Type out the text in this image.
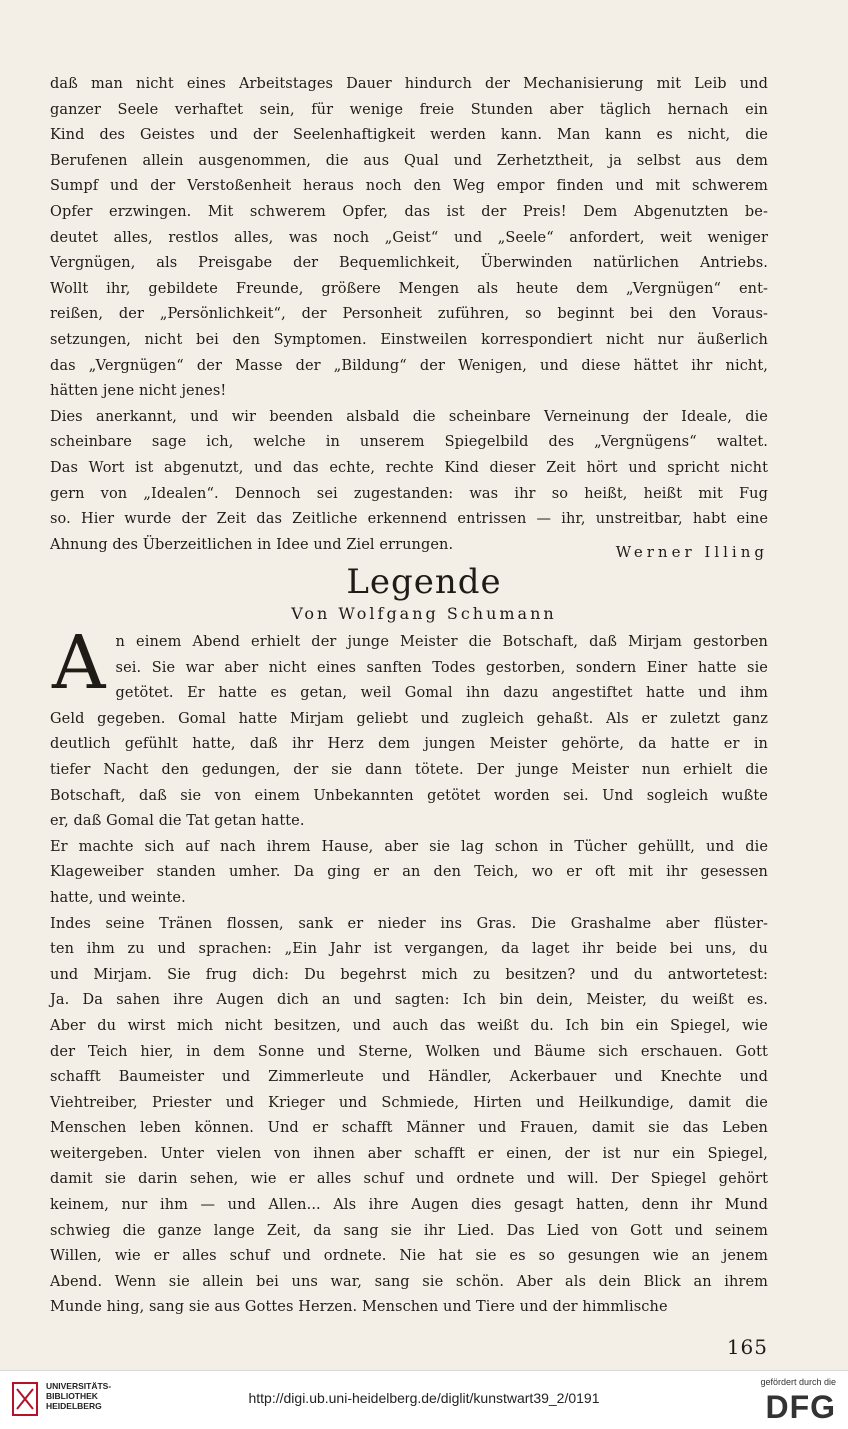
daß man nicht eines Arbeitstages Dauer hindurch der Mechanisierung mit Leib und
ganzer Seele verhaftet sein, für wenige freie Stunden aber täglich hernach ein
Kind des Geistes und der Seelenhaftigkeit werden kann. Man kann es nicht, die
Berufenen allein ausgenommen, die aus Qual und Zerhetztheit, ja selbst aus dem
Sumpf und der Verstoßenheit heraus noch den Weg empor finden und mit schwerem
Opfer erzwingen. Mit schwerem Opfer, das ist der Preis! Dem Abgenutzten be-
deutet alles, restlos alles, was noch „Geist“ und „Seele“ anfordert, weit weniger
Vergnügen, als Preisgabe der Bequemlichkeit, Überwinden natürlichen Antriebs.
Wollt ihr, gebildete Freunde, größere Mengen als heute dem „Vergnügen“ ent-
reißen, der „Persönlichkeit“, der Personheit zuführen, so beginnt bei den Voraus-
setzungen, nicht bei den Symptomen. Einstweilen korrespondiert nicht nur äußerlich
das „Vergnügen“ der Masse der „Bildung“ der Wenigen, und diese hättet ihr nicht,
hätten jene nicht jenes!
Dies anerkannt, und wir beenden alsbald die scheinbare Verneinung der Ideale, die
scheinbare sage ich, welche in unserem Spiegelbild des „Vergnügens“ waltet.
Das Wort ist abgenutzt, und das echte, rechte Kind dieser Zeit hört und spricht nicht
gern von „Idealen“. Dennoch sei zugestanden: was ihr so heißt, heißt mit Fug
so. Hier wurde der Zeit das Zeitliche erkennend entrissen — ihr, unstreitbar, habt eine
Ahnung des Überzeitlichen in Idee und Ziel errungen.	Werner Illing
Legende
Von Wolfgang Schumann
A n einem Abend erhielt der junge Meister die Botschaft, daß Mirjam gestorben
sei. Sie war aber nicht eines sanften Todes gestorben, sondern Einer hatte sie
getötet. Er hatte es getan, weil Gomal ihn dazu angestiftet hatte und ihm
Geld gegeben. Gomal hatte Mirjam geliebt und zugleich gehaßt. Als er zuletzt ganz
deutlich gefühlt hatte, daß ihr Herz dem jungen Meister gehörte, da hatte er in
tiefer Nacht den gedungen, der sie dann tötete. Der junge Meister nun erhielt die
Botschaft, daß sie von einem Unbekannten getötet worden sei. Und sogleich wußte
er, daß Gomal die Tat getan hatte.
Er machte sich auf nach ihrem Hause, aber sie lag schon in Tücher gehüllt, und die
Klageweiber standen umher. Da ging er an den Teich, wo er oft mit ihr gesessen
hatte, und weinte.
Indes seine Tränen flossen, sank er nieder ins Gras. Die Grashalme aber flüster-
ten ihm zu und sprachen: „Ein Jahr ist vergangen, da laget ihr beide bei uns, du
und Mirjam. Sie frug dich: Du begehrst mich zu besitzen? und du antwortetest:
Ja. Da sahen ihre Augen dich an und sagten: Ich bin dein, Meister, du weißt es.
Aber du wirst mich nicht besitzen, und auch das weißt du. Ich bin ein Spiegel, wie
der Teich hier, in dem Sonne und Sterne, Wolken und Bäume sich erschauen. Gott
schafft Baumeister und Zimmerleute und Händler, Ackerbauer und Knechte und
Viehtreiber, Priester und Krieger und Schmiede, Hirten und Heilkundige, damit die
Menschen leben können. Und er schafft Männer und Frauen, damit sie das Leben
weitergeben. Unter vielen von ihnen aber schafft er einen, der ist nur ein Spiegel,
damit sie darin sehen, wie er alles schuf und ordnete und will. Der Spiegel gehört
keinem, nur ihm — und Allen... Als ihre Augen dies gesagt hatten, denn ihr Mund
schwieg die ganze lange Zeit, da sang sie ihr Lied. Das Lied von Gott und seinem
Willen, wie er alles schuf und ordnete. Nie hat sie es so gesungen wie an jenem
Abend. Wenn sie allein bei uns war, sang sie schön. Aber als dein Blick an ihrem
Munde hing, sang sie aus Gottes Herzen. Menschen und Tiere und der himmlische
165
UNIVERSITÄTS-
BIBLIOTHEK
HEIDELBERG	http://digi.ub.uni-heidelberg.de/diglit/kunstwart39_2/0191
gefördert durch die
DFG
